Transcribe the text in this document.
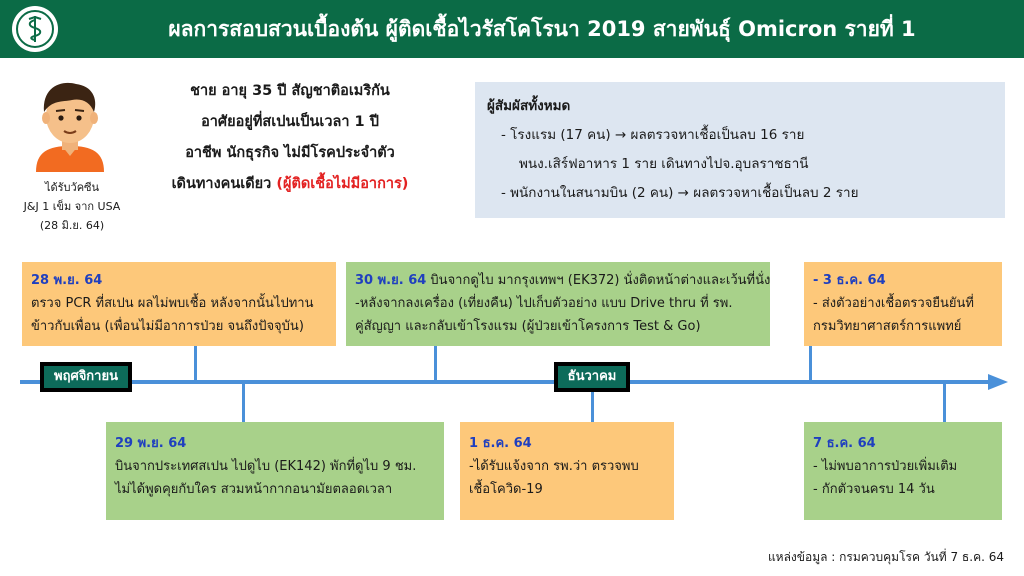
ผลการสอบสวนเบื้องต้น ผู้ติดเชื้อไวรัสโคโรนา 2019 สายพันธุ์ Omicron รายที่ 1
ได้รับวัคซีน
J&J 1 เข็ม จาก USA
(28 มิ.ย. 64)
ชาย อายุ 35 ปี สัญชาติอเมริกัน
อาศัยอยู่ที่สเปนเป็นเวลา 1 ปี
อาชีพ นักธุรกิจ ไม่มีโรคประจำตัว
เดินทางคนเดียว (ผู้ติดเชื้อไม่มีอาการ)
ผู้สัมผัสทั้งหมด
- โรงแรม (17 คน) → ผลตรวจหาเชื้อเป็นลบ 16 ราย
พนง.เสิร์ฟอาหาร 1 ราย เดินทางไปจ.อุบลราชธานี
- พนักงานในสนามบิน (2 คน) → ผลตรวจหาเชื้อเป็นลบ 2 ราย
พฤศจิกายน	ธันวาคม
28 พ.ย. 64
ตรวจ PCR ที่สเปน ผลไม่พบเชื้อ หลังจากนั้นไปทาน
ข้าวกับเพื่อน (เพื่อนไม่มีอาการป่วย จนถึงปัจจุบัน)
30 พ.ย. 64 บินจากดูไบ มากรุงเทพฯ (EK372) นั่งติดหน้าต่างและเว้นที่นั่ง
-หลังจากลงเครื่อง (เที่ยงคืน) ไปเก็บตัวอย่าง แบบ Drive thru ที่ รพ.
คู่สัญญา และกลับเข้าโรงแรม (ผู้ป่วยเข้าโครงการ Test & Go)
- 3 ธ.ค. 64
- ส่งตัวอย่างเชื้อตรวจยืนยันที่
กรมวิทยาศาสตร์การแพทย์
29 พ.ย. 64
บินจากประเทศสเปน ไปดูไบ (EK142) พักที่ดูไบ 9 ชม.
ไม่ได้พูดคุยกับใคร สวมหน้ากากอนามัยตลอดเวลา
1 ธ.ค. 64
-ได้รับแจ้งจาก รพ.ว่า ตรวจพบ
เชื้อโควิด-19
7 ธ.ค. 64
- ไม่พบอาการป่วยเพิ่มเติม
- กักตัวจนครบ 14 วัน
แหล่งข้อมูล : กรมควบคุมโรค วันที่ 7 ธ.ค. 64
